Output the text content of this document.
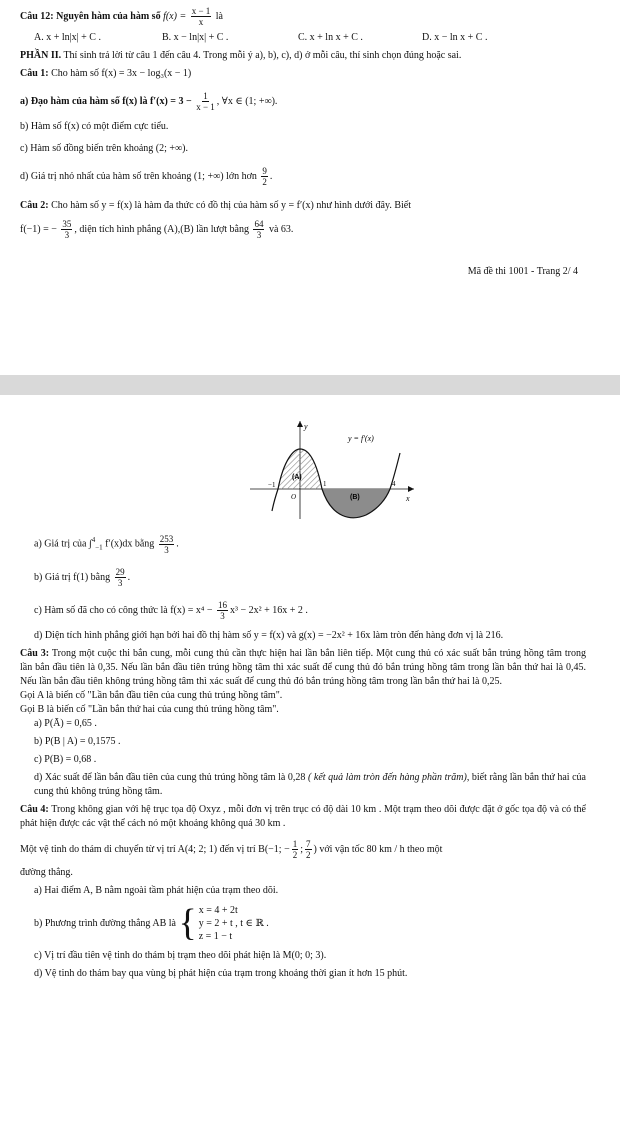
Câu 12: Nguyên hàm của hàm số $f(x) = \frac{x - 1}{x}$ là

A. x + ln|x| + C .	B. x − ln|x| + C .	C. x + ln x + C .	D. x − ln x + C .

PHẦN II. Thí sinh trả lời từ câu 1 đến câu 4. Trong mỗi ý a), b), c), d) ở mỗi câu, thí sinh chọn đúng hoặc sai.

Câu 1: Cho hàm số f(x) = 3x − log₃(x − 1)

a) Đạo hàm của hàm số f(x) là $f'(x) = 3 - \frac{1}{x - 1}$ , ∀x ∈ (1; +∞).

b) Hàm số f(x) có một điểm cực tiểu.

c) Hàm số đồng biến trên khoảng (2; +∞).

d) Giá trị nhỏ nhất của hàm số trên khoảng (1; +∞) lớn hơn $\frac{9}{2}$ .

Câu 2: Cho hàm số y = f(x) là hàm đa thức có đồ thị của hàm số y = f′(x) như hình dưới đây. Biết

f(−1) = − $\frac{35}{3}$ , diện tích hình phẳng (A),(B) lần lượt bằng $\frac{64}{3}$ và 63.

Mã đề thi 1001 - Trang 2/ 4

y
x
y = f′(x)
(A)
(B)
−1
O
1	4

a) Giá trị của ∫$^4_{-1}$ f′(x)dx bằng $\frac{253}{3}$ .

b) Giá trị f(1) bằng $\frac{29}{3}$ .

c) Hàm số đã cho có công thức là $f(x) = x^4 - \frac{16}{3} x^3 - 2x^2 + 16x + 2$ .

d) Diện tích hình phẳng giới hạn bởi hai đồ thị hàm số y = f(x) và g(x) = −2x² + 16x làm tròn đến hàng đơn vị là 216.

Câu 3: Trong một cuộc thi bắn cung, mỗi cung thủ cần thực hiện hai lần bắn liên tiếp. Một cung thủ có xác suất bắn trúng hồng tâm trong lần bắn đầu tiên là 0,35. Nếu lần bắn đầu tiên trúng hồng tâm thì xác suất để cung thủ đó bắn trúng hồng tâm trong lần bắn thứ hai là 0,45. Nếu lần bắn đầu tiên không trúng hồng tâm thì xác suất để cung thủ đó bắn trúng hồng tâm trong lần bắn thứ hai là 0,25.

Gọi A là biến cố "Lần bắn đầu tiên của cung thủ trúng hồng tâm".

Gọi B là biến cố "Lần bắn thứ hai của cung thủ trúng hồng tâm".

a) P(Ā) = 0,65 .

b) P(B | A) = 0,1575 .

c) P(B) = 0,68 .

d) Xác suất để lần bắn đầu tiên của cung thủ trúng hồng tâm là 0,28 ( kết quả làm tròn đến hàng phần trăm), biết rằng lần bắn thứ hai của cung thủ không trúng hồng tâm.

Câu 4: Trong không gian với hệ trục tọa độ Oxyz , mỗi đơn vị trên trục có độ dài 10 km . Một trạm theo dõi được đặt ở gốc tọa độ và có thể phát hiện được các vật thể cách nó một khoảng không quá 30 km .

Một vệ tinh do thám di chuyển từ vị trí A(4; 2; 1) đến vị trí B(−1; − $\frac{1}{2}$ ; $\frac{7}{2}$ ) với vận tốc 80 km / h theo một

đường thẳng.

a) Hai điểm A, B nằm ngoài tầm phát hiện của trạm theo dõi.

b) Phương trình đường thẳng AB là { x = 4 + 2t
y = 2 + t , t ∈ ℝ .
z = 1 − t

c) Vị trí đầu tiên vệ tinh do thám bị trạm theo dõi phát hiện là M(0; 0; 3).

d) Vệ tinh do thám bay qua vùng bị phát hiện của trạm trong khoảng thời gian ít hơn 15 phút.
